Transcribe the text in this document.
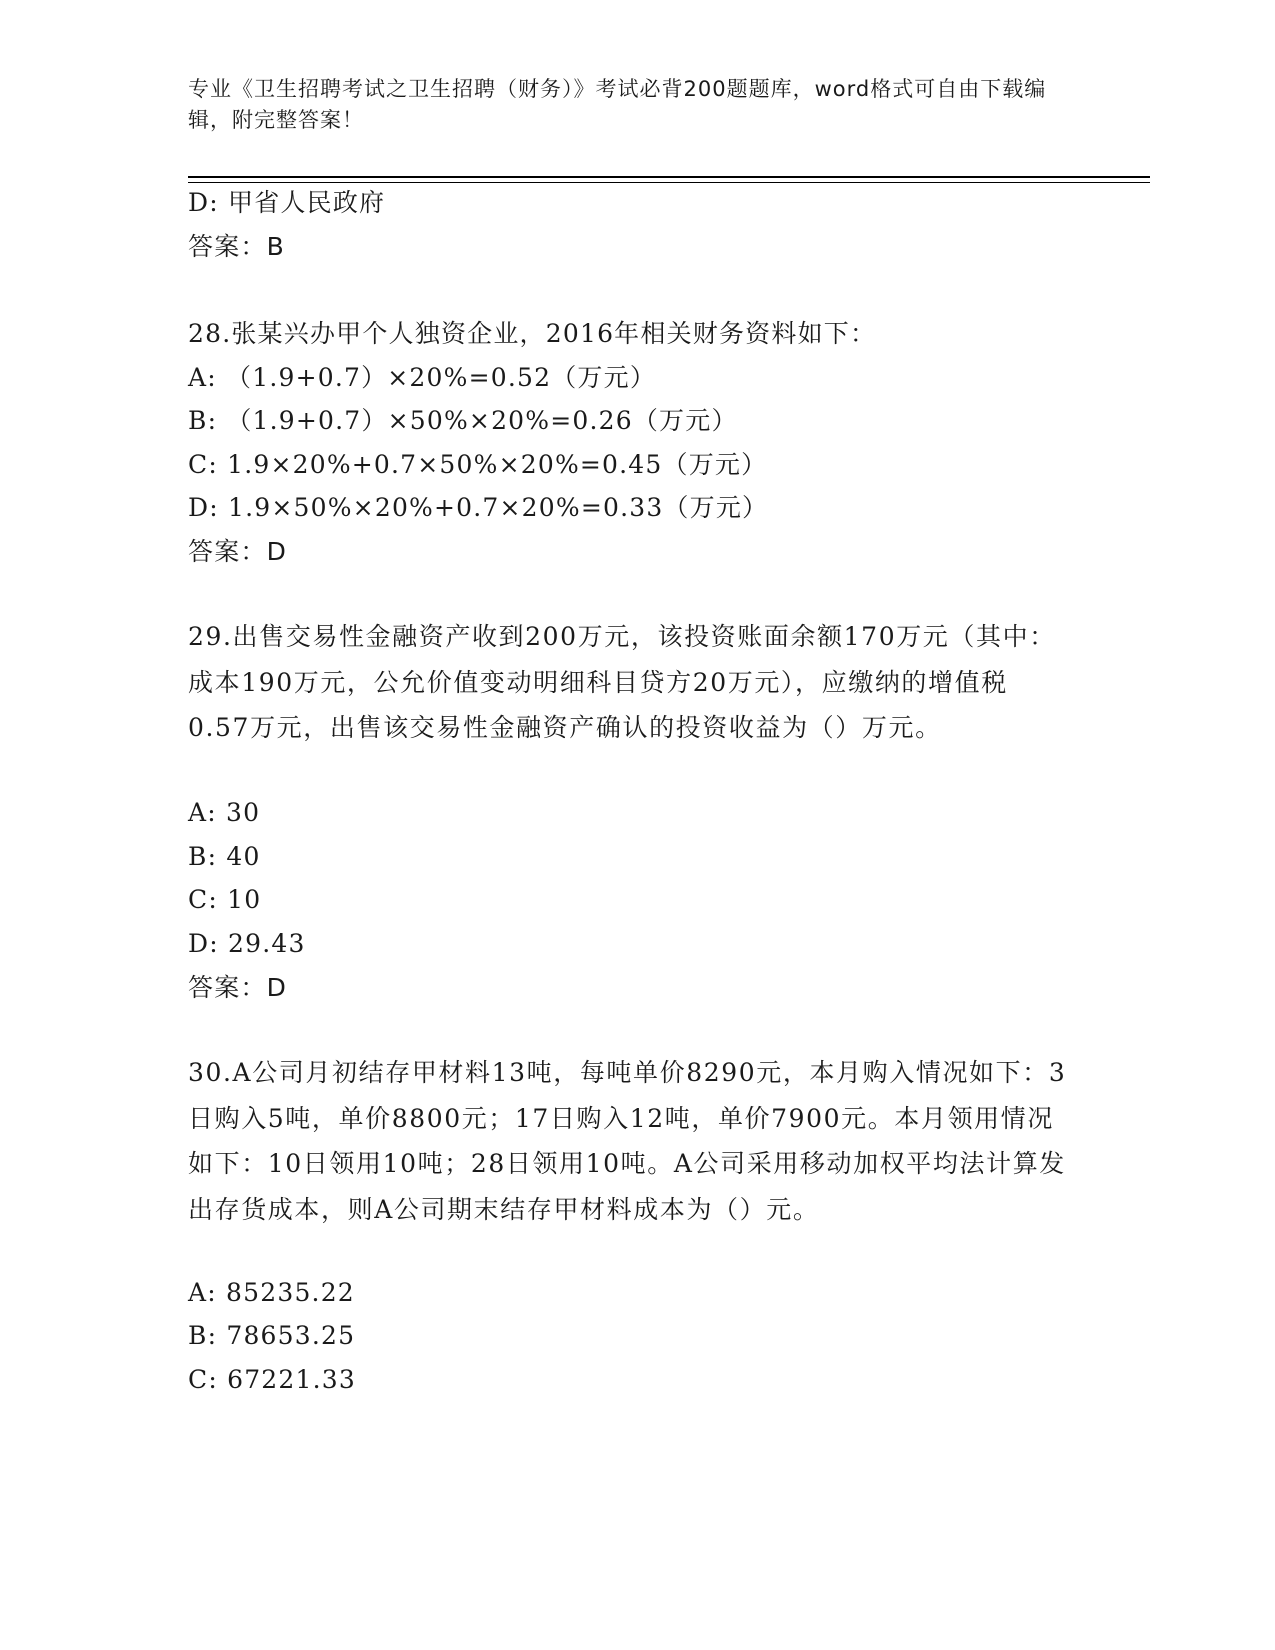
专业《卫生招聘考试之卫生招聘（财务）》考试必背200题题库，word格式可自由下载编辑，附完整答案！
D: 甲省人民政府
答案：B
28.张某兴办甲个人独资企业，2016年相关财务资料如下：
A: （1.9+0.7）×20%=0.52（万元）
B: （1.9+0.7）×50%×20%=0.26（万元）
C: 1.9×20%+0.7×50%×20%=0.45（万元）
D: 1.9×50%×20%+0.7×20%=0.33（万元）
答案：D
29.出售交易性金融资产收到200万元，该投资账面余额170万元（其中：成本190万元，公允价值变动明细科目贷方20万元），应缴纳的增值税0.57万元，出售该交易性金融资产确认的投资收益为（）万元。
A: 30
B: 40
C: 10
D: 29.43
答案：D
30.A公司月初结存甲材料13吨，每吨单价8290元，本月购入情况如下：3日购入5吨，单价8800元；17日购入12吨，单价7900元。本月领用情况如下：10日领用10吨；28日领用10吨。A公司采用移动加权平均法计算发出存货成本，则A公司期末结存甲材料成本为（）元。
A: 85235.22
B: 78653.25
C: 67221.33
